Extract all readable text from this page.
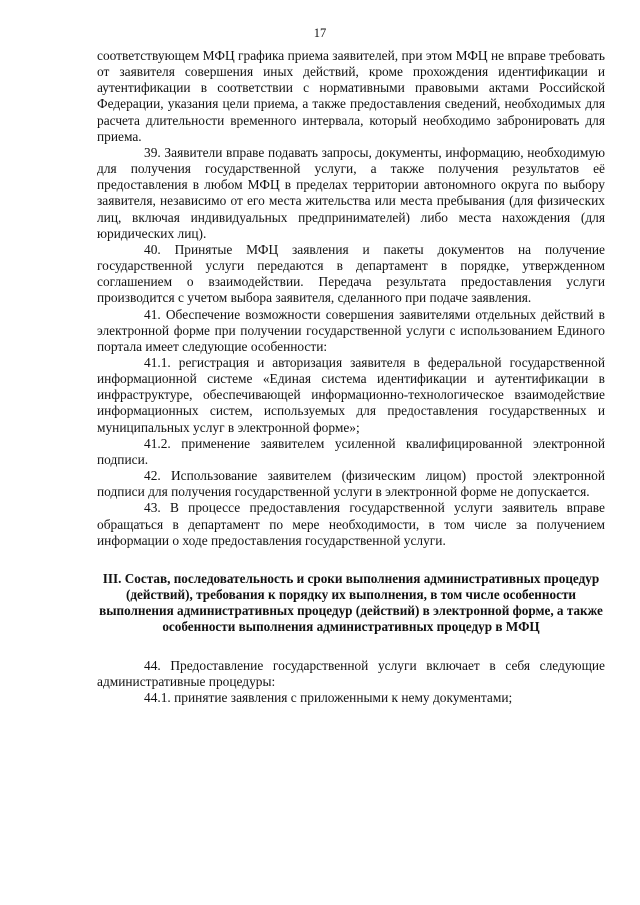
17

соответствующем МФЦ графика приема заявителей, при этом МФЦ не вправе требовать от заявителя совершения иных действий, кроме прохождения идентификации и аутентификации в соответствии с нормативными правовыми актами Российской Федерации, указания цели приема, а также предоставления сведений, необходимых для расчета длительности временного интервала, который необходимо забронировать для приема.

39. Заявители вправе подавать запросы, документы, информацию, необходимую для получения государственной услуги, а также получения результатов её предоставления в любом МФЦ в пределах территории автономного округа по выбору заявителя, независимо от его места жительства или места пребывания (для физических лиц, включая индивидуальных предпринимателей) либо места нахождения (для юридических лиц).

40. Принятые МФЦ заявления и пакеты документов на получение государственной услуги передаются в департамент в порядке, утвержденном соглашением о взаимодействии. Передача результата предоставления услуги производится с учетом выбора заявителя, сделанного при подаче заявления.

41. Обеспечение возможности совершения заявителями отдельных действий в электронной форме при получении государственной услуги с использованием Единого портала имеет следующие особенности:

41.1. регистрация и авторизация заявителя в федеральной государственной информационной системе «Единая система идентификации и аутентификации в инфраструктуре, обеспечивающей информационно-технологическое взаимодействие информационных систем, используемых для предоставления государственных и муниципальных услуг в электронной форме»;

41.2. применение заявителем усиленной квалифицированной электронной подписи.

42. Использование заявителем (физическим лицом) простой электронной подписи для получения государственной услуги в электронной форме не допускается.

43. В процессе предоставления государственной услуги заявитель вправе обращаться в департамент по мере необходимости, в том числе за получением информации о ходе предоставления государственной услуги.

III. Состав, последовательность и сроки выполнения административных процедур (действий), требования к порядку их выполнения, в том числе особенности выполнения административных процедур (действий) в электронной форме, а также особенности выполнения административных процедур в МФЦ

44. Предоставление государственной услуги включает в себя следующие административные процедуры:

44.1. принятие заявления с приложенными к нему документами;
